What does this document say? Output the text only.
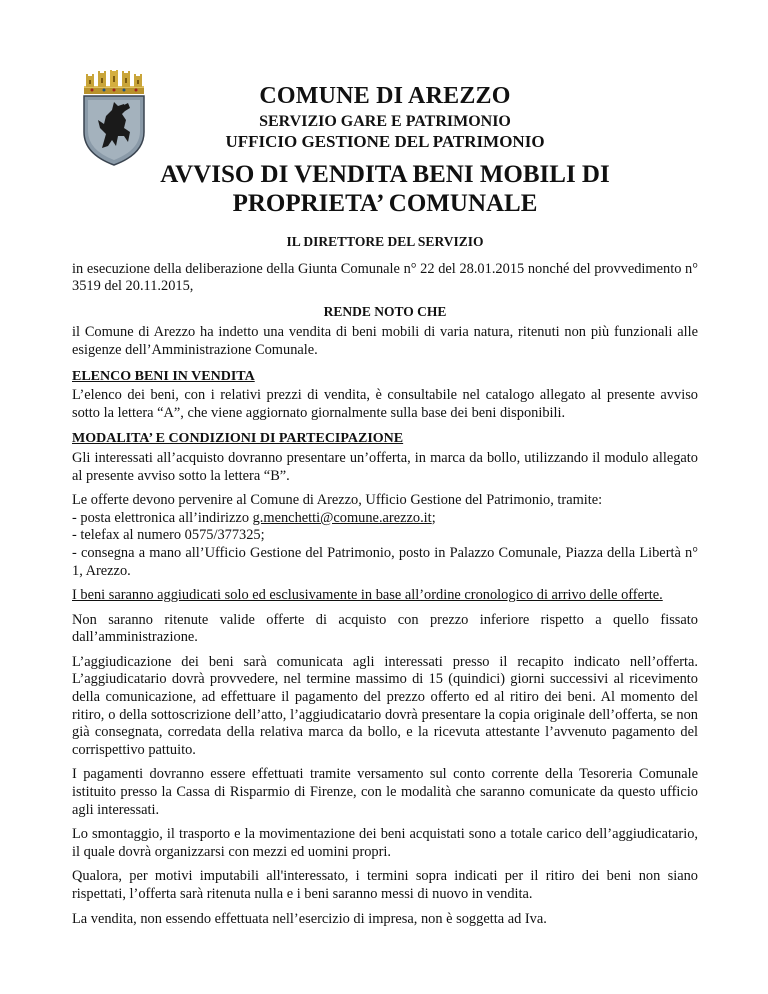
COMUNE DI AREZZO
SERVIZIO GARE E PATRIMONIO
UFFICIO GESTIONE DEL PATRIMONIO
AVVISO DI VENDITA BENI MOBILI DI
PROPRIETA’ COMUNALE
IL DIRETTORE DEL SERVIZIO

in esecuzione della deliberazione della Giunta Comunale n° 22 del 28.01.2015 nonché del provvedimento n° 3519 del 20.11.2015,

RENDE NOTO CHE

il Comune di Arezzo ha indetto una vendita di beni mobili di varia natura, ritenuti non più funzionali alle esigenze dell’Amministrazione Comunale.

ELENCO BENI IN VENDITA

L’elenco dei beni, con i relativi prezzi di vendita, è consultabile nel catalogo allegato al presente avviso sotto la lettera “A”, che viene aggiornato giornalmente sulla base dei beni disponibili.

MODALITA’ E CONDIZIONI DI PARTECIPAZIONE

Gli interessati all’acquisto dovranno presentare un’offerta, in marca da bollo, utilizzando il modulo allegato al presente avviso sotto la lettera “B”.

Le offerte devono pervenire al Comune di Arezzo, Ufficio Gestione del Patrimonio, tramite:
- posta elettronica all’indirizzo g.menchetti@comune.arezzo.it;
- telefax al numero 0575/377325;
- consegna a mano all’Ufficio Gestione del Patrimonio, posto in Palazzo Comunale, Piazza della Libertà n° 1, Arezzo.

I beni saranno aggiudicati solo ed esclusivamente in base all’ordine cronologico di arrivo delle offerte.

Non saranno ritenute valide offerte di acquisto con prezzo inferiore rispetto a quello fissato dall’amministrazione.

L’aggiudicazione dei beni sarà comunicata agli interessati presso il recapito indicato nell’offerta. L’aggiudicatario dovrà provvedere, nel termine massimo di 15 (quindici) giorni successivi al ricevimento della comunicazione, ad effettuare il pagamento del prezzo offerto ed al ritiro dei beni. Al momento del ritiro, o della sottoscrizione dell’atto, l’aggiudicatario dovrà presentare la copia originale dell’offerta, se non già consegnata, corredata della relativa marca da bollo, e la ricevuta attestante l’avvenuto pagamento del corrispettivo pattuito.

I pagamenti dovranno essere effettuati tramite versamento sul conto corrente della Tesoreria Comunale istituito presso la Cassa di Risparmio di Firenze, con le modalità che saranno comunicate da questo ufficio agli interessati.

Lo smontaggio, il trasporto e la movimentazione dei beni acquistati sono a totale carico dell’aggiudicatario, il quale dovrà organizzarsi con mezzi ed uomini propri.

Qualora, per motivi imputabili all'interessato, i termini sopra indicati per il ritiro dei beni non siano rispettati, l’offerta sarà ritenuta nulla e i beni saranno messi di nuovo in vendita.

La vendita, non essendo effettuata nell’esercizio di impresa, non è soggetta ad Iva.
